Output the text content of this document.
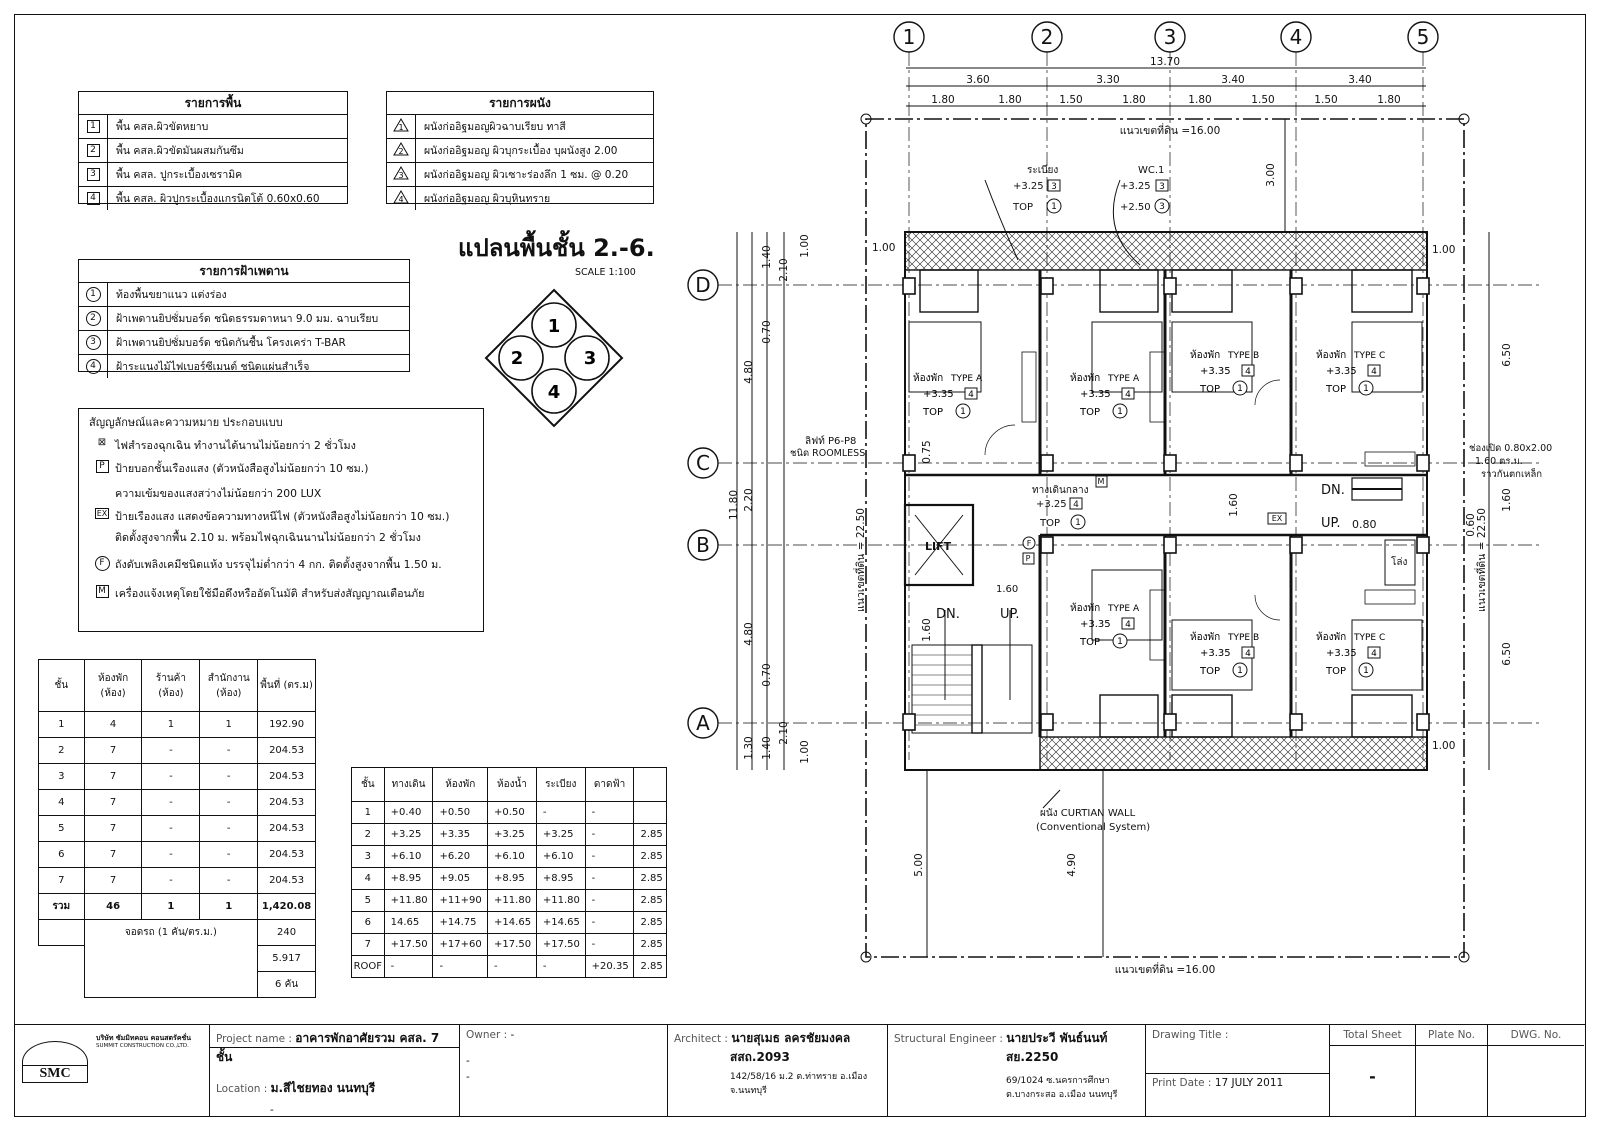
รายการพื้น
1	พื้น คสล.ผิวขัดหยาบ
2	พื้น คสล.ผิวขัดมันผสมกันซึม
3	พื้น คสล. ปูกระเบื้องเซรามิค
4	พื้น คสล. ผิวปูกระเบื้องแกรนิตโต้ 0.60x0.60
รายการผนัง
1	ผนังก่ออิฐมอญผิวฉาบเรียบ ทาสี
2	ผนังก่ออิฐมอญ ผิวบุกระเบื้อง บุผนังสูง 2.00
3	ผนังก่ออิฐมอญ ผิวเซาะร่องลึก 1 ซม. @ 0.20
4	ผนังก่ออิฐมอญ ผิวบุหินทราย
รายการฝ้าเพดาน
1	ท้องพื้นขยาแนว แต่งร่อง
2	ฝ้าเพดานยิปซั่มบอร์ด ชนิดธรรมดาหนา 9.0 มม. ฉาบเรียบ
3	ฝ้าเพดานยิปซั่มบอร์ด ชนิดกันชื้น โครงเคร่า T-BAR
4	ฝ้าระแนงไม้ไฟเบอร์ซีเมนต์ ชนิดแผ่นสำเร็จ
แปลนพื้นชั้น 2.-6.
SCALE 1:100
1
2	3
4
สัญญลักษณ์และความหมาย ประกอบแบบ
⊠ ไฟสำรองฉุกเฉิน ทำงานได้นานไม่น้อยกว่า 2 ชั่วโมง
P ป้ายบอกชั้นเรืองแสง (ตัวหนังสือสูงไม่น้อยกว่า 10 ซม.)
ความเข้มของแสงสว่างไม่น้อยกว่า 200 LUX
EX ป้ายเรืองแสง แสดงข้อความทางหนีไฟ (ตัวหนังสือสูงไม่น้อยกว่า 10 ซม.)
ติดตั้งสูงจากพื้น 2.10 ม. พร้อมไฟฉุกเฉินนานไม่น้อยกว่า 2 ชั่วโมง
F ถังดับเพลิงเคมีชนิดแห้ง บรรจุไม่ต่ำกว่า 4 กก. ติดตั้งสูงจากพื้น 1.50 ม.
M เครื่องแจ้งเหตุโดยใช้มือดึงหรืออัตโนมัติ สำหรับส่งสัญญาณเตือนภัย
ชั้น	ห้องพัก (ห้อง)	ร้านค้า (ห้อง)	สำนักงาน (ห้อง)	พื้นที่ (ตร.ม)
1	4	1	1	192.90
2	7	-	-	204.53
3	7	-	-	204.53
4	7	-	-	204.53
5	7	-	-	204.53
6	7	-	-	204.53
7	7	-	-	204.53
รวม	46	1	1	1,420.08
	จอดรถ (1 คัน/ตร.ม.)			240
				5.917
				6 คัน
ชั้น	ทางเดิน	ห้องพัก	ห้องน้ำ	ระเบียง	ดาดฟ้า	
1	+0.40	+0.50	+0.50	-	-	
2	+3.25	+3.35	+3.25	+3.25	-	2.85
3	+6.10	+6.20	+6.10	+6.10	-	2.85
4	+8.95	+9.05	+8.95	+8.95	-	2.85
5	+11.80	+11+90	+11.80	+11.80	-	2.85
6	14.65	+14.75	+14.65	+14.65	-	2.85
7	+17.50	+17+60	+17.50	+17.50	-	2.85
ROOF	-	-	-	-	+20.35	2.85
1	2	3	4	5
D
C
B
A
13.70
3.60	3.30	3.40	3.40
1.80	1.80	1.50	1.80	1.80	1.50	1.50	1.80
แนวเขตที่ดิน =16.00
แนวเขตที่ดิน =16.00
1.40
2.10
0.70
4.80
0.75
2.20
4.80
0.70
2.10
1.40
1.30
11.80
1.00
1.00
แนวเขตที่ดิน = 22.50	แนวเขตที่ดิน = 22.50
6.50
1.60
0.60
6.50
3.00
5.00	4.90
1.60
1.60
1.00	1.00
1.00
ระเบียง
+3.25
TOP
WC.1
+3.25
+2.50
3
1
3
3
ห้องพัก TYPE A
+3.35 4
TOP 1
ห้องพัก TYPE A
+3.35 4
TOP 1
ห้องพัก TYPE B
+3.35 4
TOP 1
ห้องพัก TYPE C
+3.35 4
TOP 1
ห้องพัก TYPE A
+3.35 4
TOP 1	ห้องพัก TYPE B
+3.35 4
TOP 1
ห้องพัก TYPE C
+3.35 4
TOP 1
ทางเดินกลาง
+3.25
TOP
4
1
ลิฟท์ P6-P8
ชนิด ROOMLESS
LIFT
DN.	UP.
1.60
DN.
UP. 0.80
ช่องเปิด 0.80x2.00
1.60 ตร.ม.
ราวกันตกเหล็ก
โล่ง
ผนัง CURTIAN WALL
(Conventional System)
M
F
P
EX
SMC
บริษัท ซัมมิทคอน คอนสตรัคชั่น
SUMMIT CONSTRUCTION CO.,LTD.
Project name : อาคารพักอาศัยรวม คสล. 7 ชั้น
Location : ม.สีไชยทอง นนทบุรี
-
Owner : -
-
-
Architect : นายสุเมธ ลครชัยมงคล
สสถ.2093
142/58/16 ม.2 ต.ท่าทราย อ.เมือง
จ.นนทบุรี
Structural Engineer : นายประวี พันธ์นนท์
สย.2250
69/1024 ซ.นครการศึกษา
ต.บางกระสอ อ.เมือง นนทบุรี
Drawing Title :
Print Date : 17 JULY 2011
Total Sheet
-
Plate No.	DWG. No.
